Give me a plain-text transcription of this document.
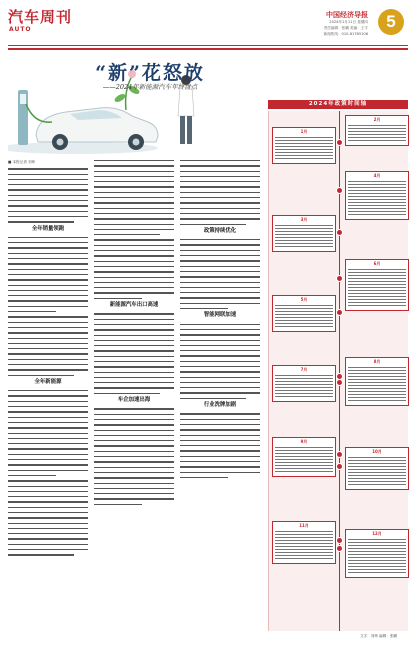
汽车周刊
AUTO
中国经济导报
2024年1月11日 星期四
责任编辑：张鹏 美编：王宇
新闻热线：010-81785106
5
“新”花怒放
——2024年新能源汽车年终盘点
2024年政策时间轴
1月
2月
3月
4月
5月
6月
7月
8月
9月
10月
11月
12月
■ 本报记者 刘炜
全年销量领跑
全年新能源
新能源汽车出口高速
车企加速出海
政策持续优化
智能网联加速
行业洗牌加剧
文字：刘炜 编辑：张鹏
